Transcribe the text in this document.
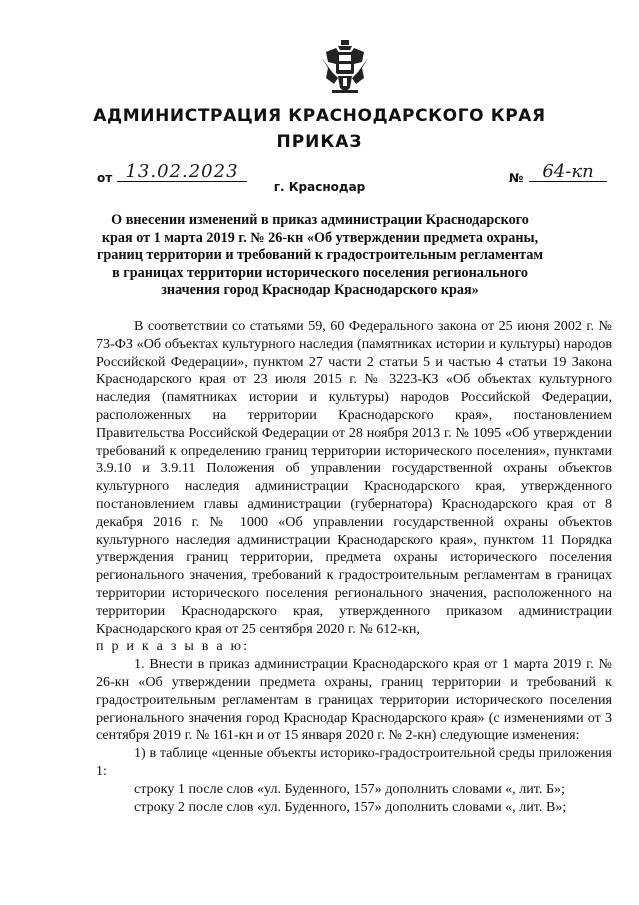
АДМИНИСТРАЦИЯ КРАСНОДАРСКОГО КРАЯ
ПРИКАЗ
от 13.02.2023	№	64-кп
г. Краснодар
О внесении изменений в приказ администрации Краснодарского края от 1 марта 2019 г. № 26-кн «Об утверждении предмета охраны, границ территории и требований к градостроительным регламентам в границах территории исторического поселения регионального значения город Краснодар Краснодарского края»

В соответствии со статьями 59, 60 Федерального закона от 25 июня 2002 г. № 73-ФЗ «Об объектах культурного наследия (памятниках истории и культуры) народов Российской Федерации», пунктом 27 части 2 статьи 5 и частью 4 статьи 19 Закона Краснодарского края от 23 июля 2015 г. № 3223-КЗ «Об объектах культурного наследия (памятниках истории и культуры) народов Российской Федерации, расположенных на территории Краснодарского края», постановлением Правительства Российской Федерации от 28 ноября 2013 г. № 1095 «Об утверждении требований к определению границ территории исторического поселения», пунктами 3.9.10 и 3.9.11 Положения об управлении государственной охраны объектов культурного наследия администрации Краснодарского края, утвержденного постановлением главы администрации (губернатора) Краснодарского края от 8 декабря 2016 г. № 1000 «Об управлении государственной охраны объектов культурного наследия администрации Краснодарского края», пунктом 11 Порядка утверждения границ территории, предмета охраны исторического поселения регионального значения, требований к градостроительным регламентам в границах территории исторического поселения регионального значения, расположенного на территории Краснодарского края, утвержденного приказом администрации Краснодарского края от 25 сентября 2020 г. № 612-кн,

п р и к а з ы в а ю:

1. Внести в приказ администрации Краснодарского края от 1 марта 2019 г. № 26-кн «Об утверждении предмета охраны, границ территории и требований к градостроительным регламентам в границах территории исторического поселения регионального значения город Краснодар Краснодарского края» (с изменениями от 3 сентября 2019 г. № 161-кн и от 15 января 2020 г. № 2-кн) следующие изменения:

1) в таблице «ценные объекты историко-градостроительной среды приложения 1:

строку 1 после слов «ул. Буденного, 157» дополнить словами «, лит. Б»;

строку 2 после слов «ул. Буденного, 157» дополнить словами «, лит. В»;
